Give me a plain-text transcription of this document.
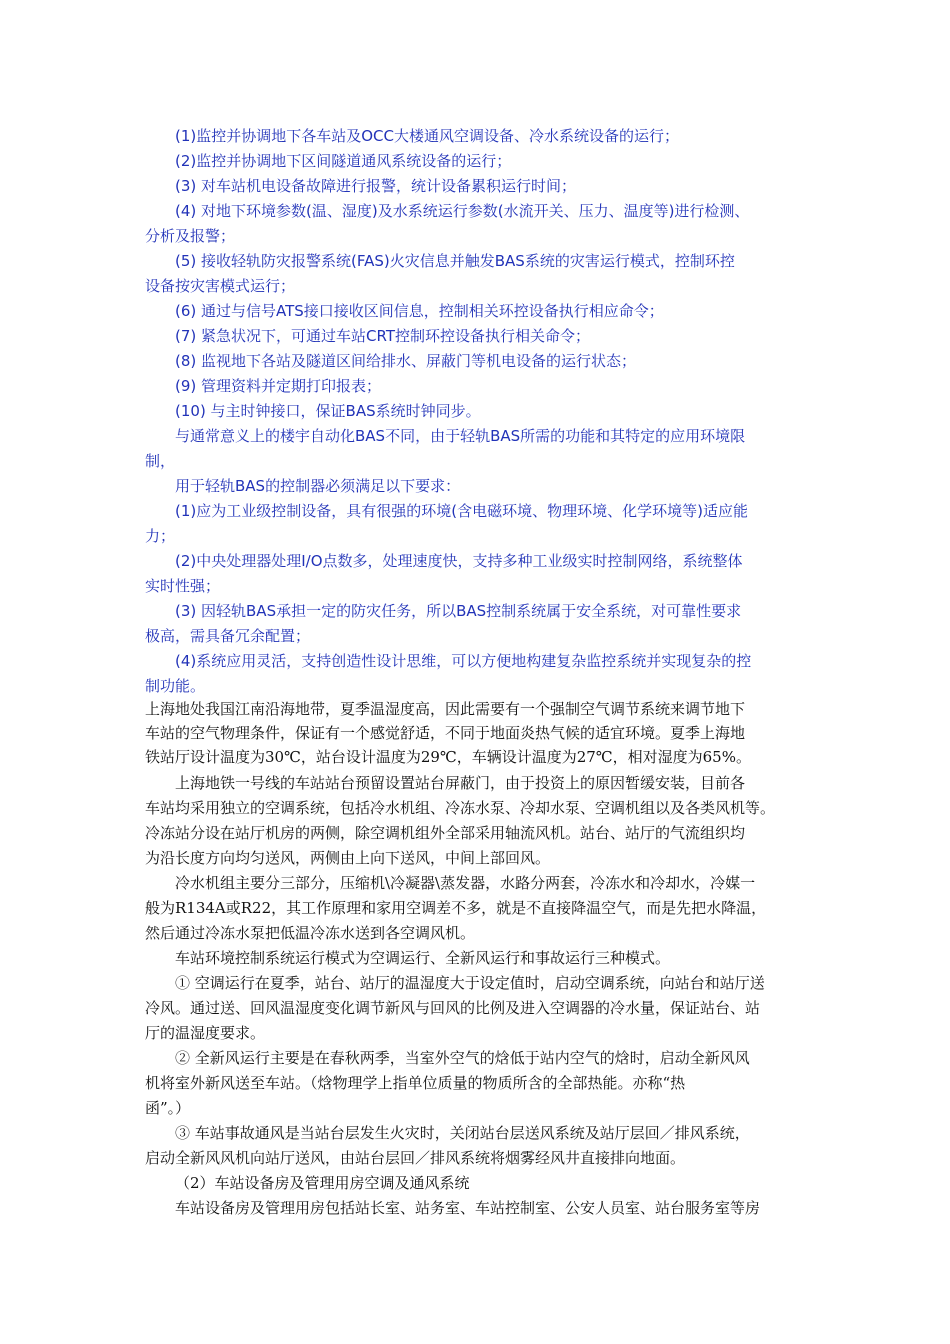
(1)监控并协调地下各车站及OCC大楼通风空调设备、冷水系统设备的运行；
(2)监控并协调地下区间隧道通风系统设备的运行；
(3) 对车站机电设备故障进行报警，统计设备累积运行时间；
(4) 对地下环境参数(温、湿度)及水系统运行参数(水流开关、压力、温度等)进行检测、
分析及报警；
(5) 接收轻轨防灾报警系统(FAS)火灾信息并触发BAS系统的灾害运行模式，控制环控
设备按灾害模式运行；
(6) 通过与信号ATS接口接收区间信息，控制相关环控设备执行相应命令；
(7) 紧急状况下，可通过车站CRT控制环控设备执行相关命令；
(8) 监视地下各站及隧道区间给排水、屏蔽门等机电设备的运行状态；
(9) 管理资料并定期打印报表；
(10) 与主时钟接口，保证BAS系统时钟同步。
与通常意义上的楼宇自动化BAS不同，由于轻轨BAS所需的功能和其特定的应用环境限
制，
用于轻轨BAS的控制器必须满足以下要求：
(1)应为工业级控制设备，具有很强的环境(含电磁环境、物理环境、化学环境等)适应能
力；
(2)中央处理器处理I/O点数多，处理速度快，支持多种工业级实时控制网络，系统整体
实时性强；
(3) 因轻轨BAS承担一定的防灾任务，所以BAS控制系统属于安全系统，对可靠性要求
极高，需具备冗余配置；
(4)系统应用灵活，支持创造性设计思维，可以方便地构建复杂监控系统并实现复杂的控
制功能。
上海地处我国江南沿海地带，夏季温湿度高，因此需要有一个强制空气调节系统来调节地下
车站的空气物理条件，保证有一个感觉舒适，不同于地面炎热气候的适宜环境。夏季上海地
铁站厅设计温度为30℃，站台设计温度为29℃，车辆设计温度为27℃，相对湿度为65%。
上海地铁一号线的车站站台预留设置站台屏蔽门，由于投资上的原因暂缓安装，目前各
车站均采用独立的空调系统，包括冷水机组、冷冻水泵、冷却水泵、空调机组以及各类风机等。
冷冻站分设在站厅机房的两侧，除空调机组外全部采用轴流风机。站台、站厅的气流组织均
为沿长度方向均匀送风，两侧由上向下送风，中间上部回风。
冷水机组主要分三部分，压缩机\冷凝器\蒸发器，水路分两套，冷冻水和冷却水，冷媒一
般为R134A或R22，其工作原理和家用空调差不多，就是不直接降温空气，而是先把水降温，
然后通过冷冻水泵把低温冷冻水送到各空调风机。
车站环境控制系统运行模式为空调运行、全新风运行和事故运行三种模式。
① 空调运行在夏季，站台、站厅的温湿度大于设定值时，启动空调系统，向站台和站厅送
冷风。通过送、回风温湿度变化调节新风与回风的比例及进入空调器的冷水量，保证站台、站
厅的温湿度要求。
② 全新风运行主要是在春秋两季，当室外空气的焓低于站内空气的焓时，启动全新风风
机将室外新风送至车站。（焓物理学上指单位质量的物质所含的全部热能。亦称“热
函”。）
③ 车站事故通风是当站台层发生火灾时，关闭站台层送风系统及站厅层回／排风系统，
启动全新风风机向站厅送风，由站台层回／排风系统将烟雾经风井直接排向地面。
（2）车站设备房及管理用房空调及通风系统
车站设备房及管理用房包括站长室、站务室、车站控制室、公安人员室、站台服务室等房
